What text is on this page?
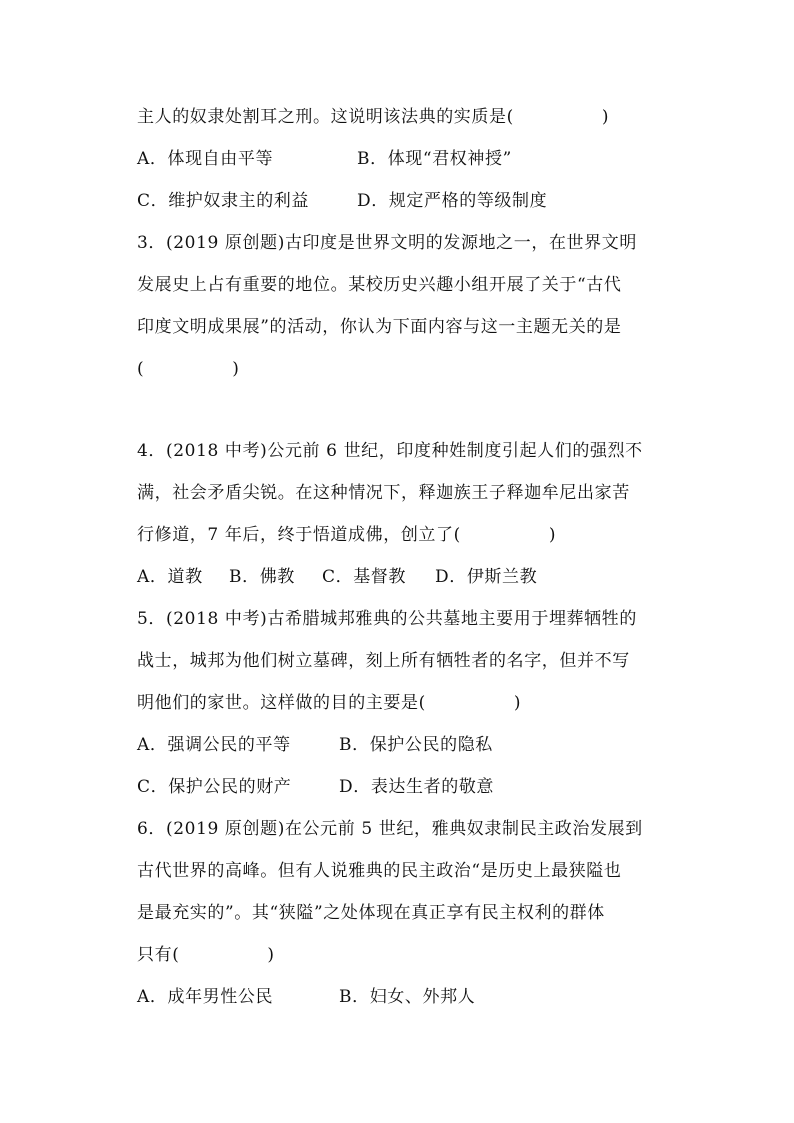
主人的奴隶处割耳之刑。这说明该法典的实质是(　　　　　)
A．体现自由平等	B．体现“君权神授”
C．维护奴隶主的利益	D．规定严格的等级制度
3．(2019 原创题)古印度是世界文明的发源地之一，在世界文明
发展史上占有重要的地位。某校历史兴趣小组开展了关于“古代
印度文明成果展”的活动，你认为下面内容与这一主题无关的是
(　　　　　)
4．(2018 中考)公元前 6 世纪，印度种姓制度引起人们的强烈不
满，社会矛盾尖锐。在这种情况下，释迦族王子释迦牟尼出家苦
行修道，7 年后，终于悟道成佛，创立了(　　　　　)
A．道教 B．佛教 C．基督教 D．伊斯兰教
5．(2018 中考)古希腊城邦雅典的公共墓地主要用于埋葬牺牲的
战士，城邦为他们树立墓碑，刻上所有牺牲者的名字，但并不写
明他们的家世。这样做的目的主要是(　　　　　)
A．强调公民的平等	B．保护公民的隐私
C．保护公民的财产	D．表达生者的敬意
6．(2019 原创题)在公元前 5 世纪，雅典奴隶制民主政治发展到
古代世界的高峰。但有人说雅典的民主政治“是历史上最狭隘也
是最充实的”。其“狭隘”之处体现在真正享有民主权利的群体
只有(　　　　　)
A．成年男性公民	B．妇女、外邦人
